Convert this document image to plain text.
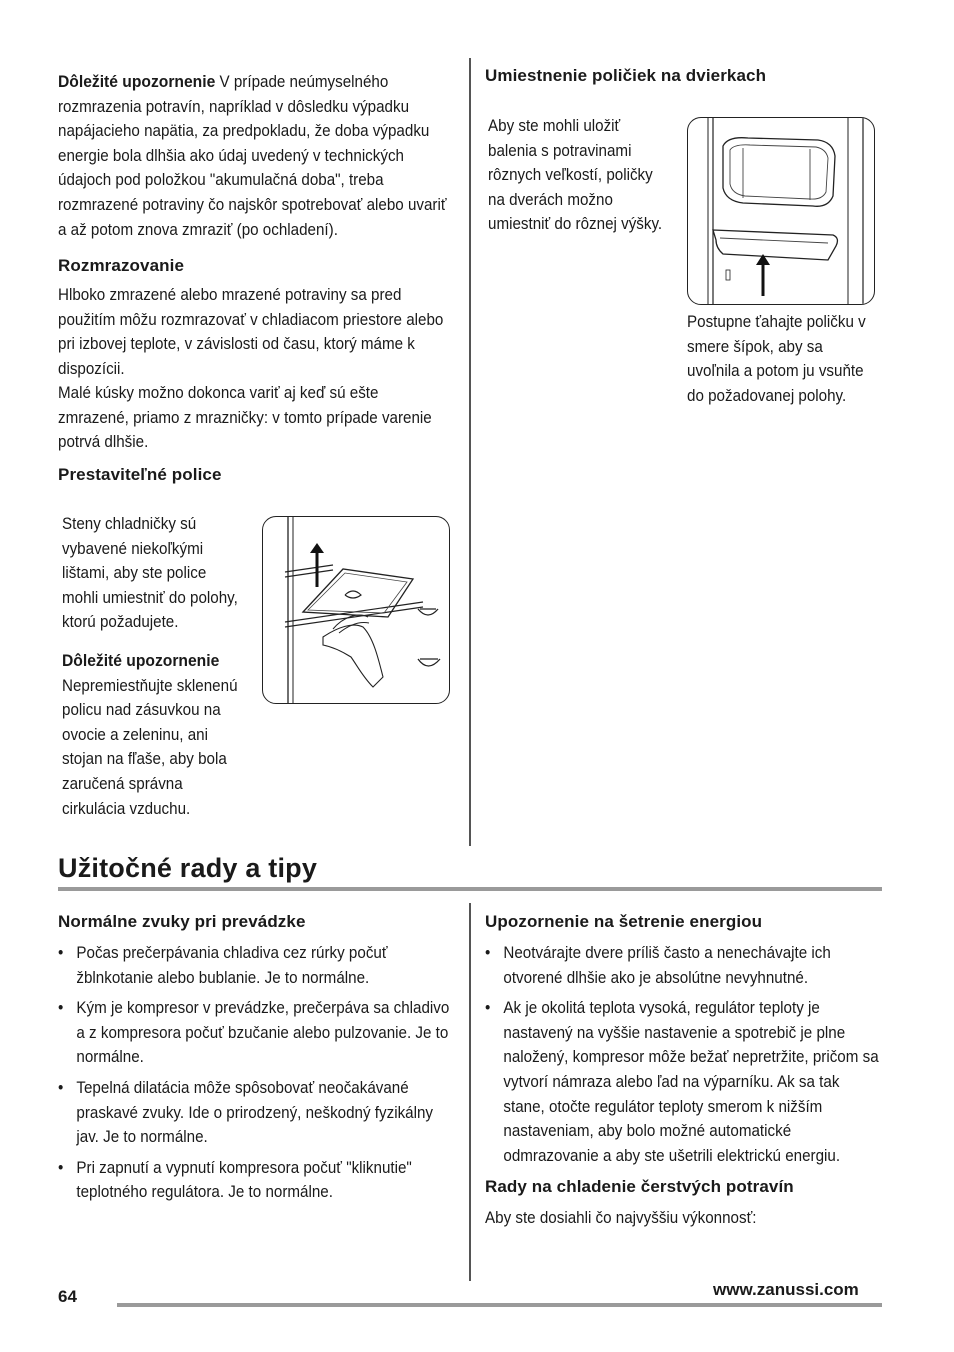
Dôležité upozornenie V prípade neúmyselného rozmrazenia potravín, napríklad v dôsledku výpadku napájacieho napätia, za predpokladu, že doba výpadku energie bola dlhšia ako údaj uvedený v technických údajoch pod položkou "akumulačná doba", treba rozmrazené potraviny čo najskôr spotrebovať alebo uvariť a až potom znova zmraziť (po ochladení).
Rozmrazovanie
Hlboko zmrazené alebo mrazené potraviny sa pred použitím môžu rozmrazovať v chladiacom priestore alebo pri izbovej teplote, v závislosti od času, ktorý máme k dispozícii.
Malé kúsky možno dokonca variť aj keď sú ešte zmrazené, priamo z mrazničky: v tomto prípade varenie potrvá dlhšie.
Prestaviteľné police
Steny chladničky sú vybavené niekoľkými lištami, aby ste police mohli umiestniť do polohy, ktorú požadujete.
Dôležité upozornenie Nepremiestňujte sklenenú policu nad zásuvkou na ovocie a zeleninu, ani stojan na fľaše, aby bola zaručená správna cirkulácia vzduchu.
Umiestnenie poličiek na dvierkach
Aby ste mohli uložiť balenia s potravinami rôznych veľkostí, poličky na dverách možno umiestniť do rôznej výšky.
Postupne ťahajte poličku v smere šípok, aby sa uvoľnila a potom ju vsuňte do požadovanej polohy.
Užitočné rady a tipy
Normálne zvuky pri prevádzke
• Počas prečerpávania chladiva cez rúrky počuť žblnkotanie alebo bublanie. Je to normálne.
• Kým je kompresor v prevádzke, prečerpáva sa chladivo a z kompresora počuť bzučanie alebo pulzovanie. Je to normálne.
• Tepelná dilatácia môže spôsobovať neočakávané praskavé zvuky. Ide o prirodzený, neškodný fyzikálny jav. Je to normálne.
• Pri zapnutí a vypnutí kompresora počuť "kliknutie" teplotného regulátora. Je to normálne.
Upozornenie na šetrenie energiou
• Neotvárajte dvere príliš často a nenechávajte ich otvorené dlhšie ako je absolútne nevyhnutné.
• Ak je okolitá teplota vysoká, regulátor teploty je nastavený na vyššie nastavenie a spotrebič je plne naložený, kompresor môže bežať nepretržite, pričom sa vytvorí námraza alebo ľad na výparníku. Ak sa tak stane, otočte regulátor teploty smerom k nižším nastaveniam, aby bolo možné automatické odmrazovanie a aby ste ušetrili elektrickú energiu.
Rady na chladenie čerstvých potravín
Aby ste dosiahli čo najvyššiu výkonnosť:
64	www.zanussi.com
